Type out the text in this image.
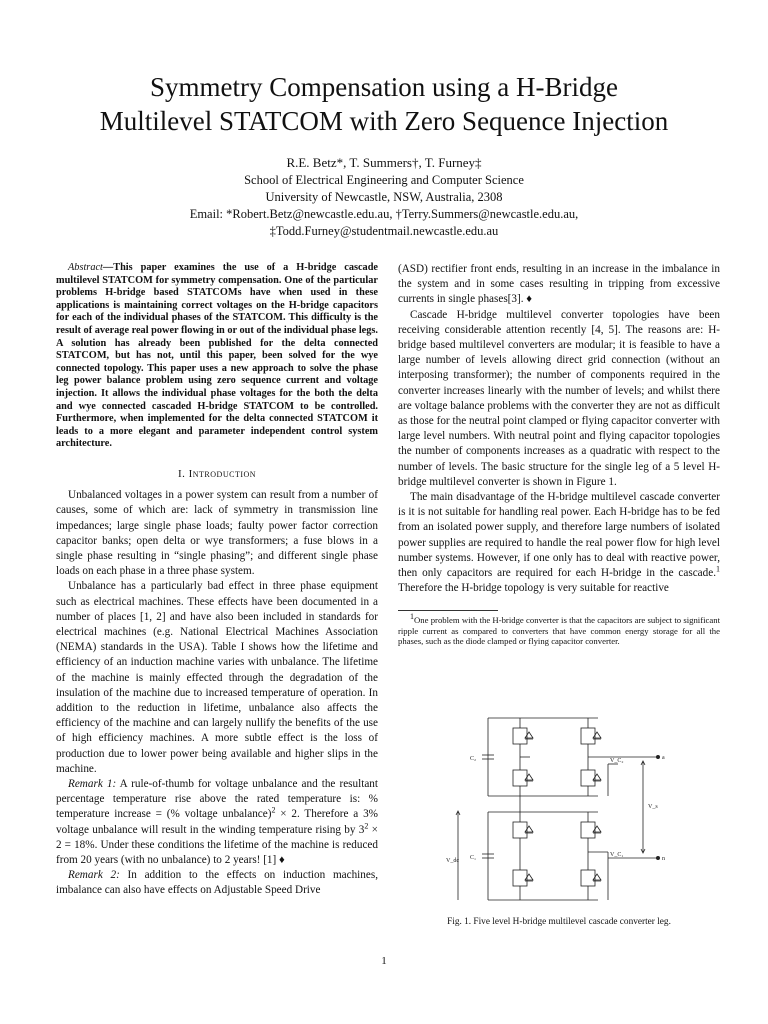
Symmetry Compensation using a H-Bridge
Multilevel STATCOM with Zero Sequence Injection
R.E. Betz*, T. Summers†, T. Furney‡
School of Electrical Engineering and Computer Science
University of Newcastle, NSW, Australia, 2308
Email: *Robert.Betz@newcastle.edu.au, †Terry.Summers@newcastle.edu.au,
‡Todd.Furney@studentmail.newcastle.edu.au

Abstract—This paper examines the use of a H-bridge cascade multilevel STATCOM for symmetry compensation. One of the particular problems H-bridge based STATCOMs have when used in these applications is maintaining correct voltages on the H-bridge capacitors for each of the individual phases of the STATCOM. This difficulty is the result of average real power flowing in or out of the individual phase legs. A solution has already been published for the delta connected STATCOM, but has not, until this paper, been solved for the wye connected topology. This paper uses a new approach to solve the phase leg power balance problem using zero sequence current and voltage injection. It allows the individual phase voltages for the both the delta and wye connected cascaded H-bridge STATCOM to be controlled. Furthermore, when implemented for the delta connected STATCOM it leads to a more elegant and parameter independent control system architecture.

I. Introduction

Unbalanced voltages in a power system can result from a number of causes, some of which are: lack of symmetry in transmission line impedances; large single phase loads; faulty power factor correction capacitor banks; open delta or wye transformers; a fuse blows in a single phase resulting in “single phasing”; and different single phase loads on each phase in a three phase system.

Unbalance has a particularly bad effect in three phase equipment such as electrical machines. These effects have been documented in a number of places [1, 2] and have also been included in standards for electrical machines (e.g. National Electrical Machines Association (NEMA) standards in the USA). Table I shows how the lifetime and efficiency of an induction machine varies with unbalance. The lifetime of the machine is mainly effected through the degradation of the insulation of the machine due to increased temperature of operation. In addition to the reduction in lifetime, unbalance also affects the efficiency of the machine and can largely nullify the benefits of the use of high efficiency machines. A more subtle effect is the loss of production due to lower power being available and higher slips in the machine.

Remark 1: A rule-of-thumb for voltage unbalance and the resultant percentage temperature rise above the rated temperature is: % temperature increase = (% voltage unbalance)$^2$ × 2. Therefore a 3% voltage unbalance will result in the winding temperature rising by $3^2 \times 2 = 18\%$. Under these conditions the lifetime of the machine is reduced from 20 years (with no unbalance) to 2 years! [1] ♦

Remark 2: In addition to the effects on induction machines, imbalance can also have effects on Adjustable Speed Drive

(ASD) rectifier front ends, resulting in an increase in the imbalance in the system and in some cases resulting in tripping from excessive currents in single phases[3]. ♦

Cascade H-bridge multilevel converter topologies have been receiving considerable attention recently [4, 5]. The reasons are: H-bridge based multilevel converters are modular; it is feasible to have a large number of levels allowing direct grid connection (without an interposing transformer); the number of components required in the converter increases linearly with the number of levels; and whilst there are voltage balance problems with the converter they are not as difficult as those for the neutral point clamped or flying capacitor converter with large level numbers. With neutral point and flying capacitor topologies the number of components increases as a quadratic with respect to the number of levels. The basic structure for the single leg of a 5 level H-bridge multilevel converter is shown in Figure 1.

The main disadvantage of the H-bridge multilevel cascade converter is it is not suitable for handling real power. Each H-bridge has to be fed from an isolated power supply, and therefore large numbers of isolated power supplies are required to handle the real power flow for high level number systems. However, if one only has to deal with reactive power, then only capacitors are required for each H-bridge in the cascade.$^1$ Therefore the H-bridge topology is very suitable for reactive

$^1$One problem with the H-bridge converter is that the capacitors are subject to significant ripple current as compared to converters that have common energy storage for all the phases, such as the diode clamped or flying capacitor converter.

C₂
C₁
V_C₂
V_C₁
V_s
V_dc
a
n
Fig. 1. Five level H-bridge multilevel cascade converter leg.
1
